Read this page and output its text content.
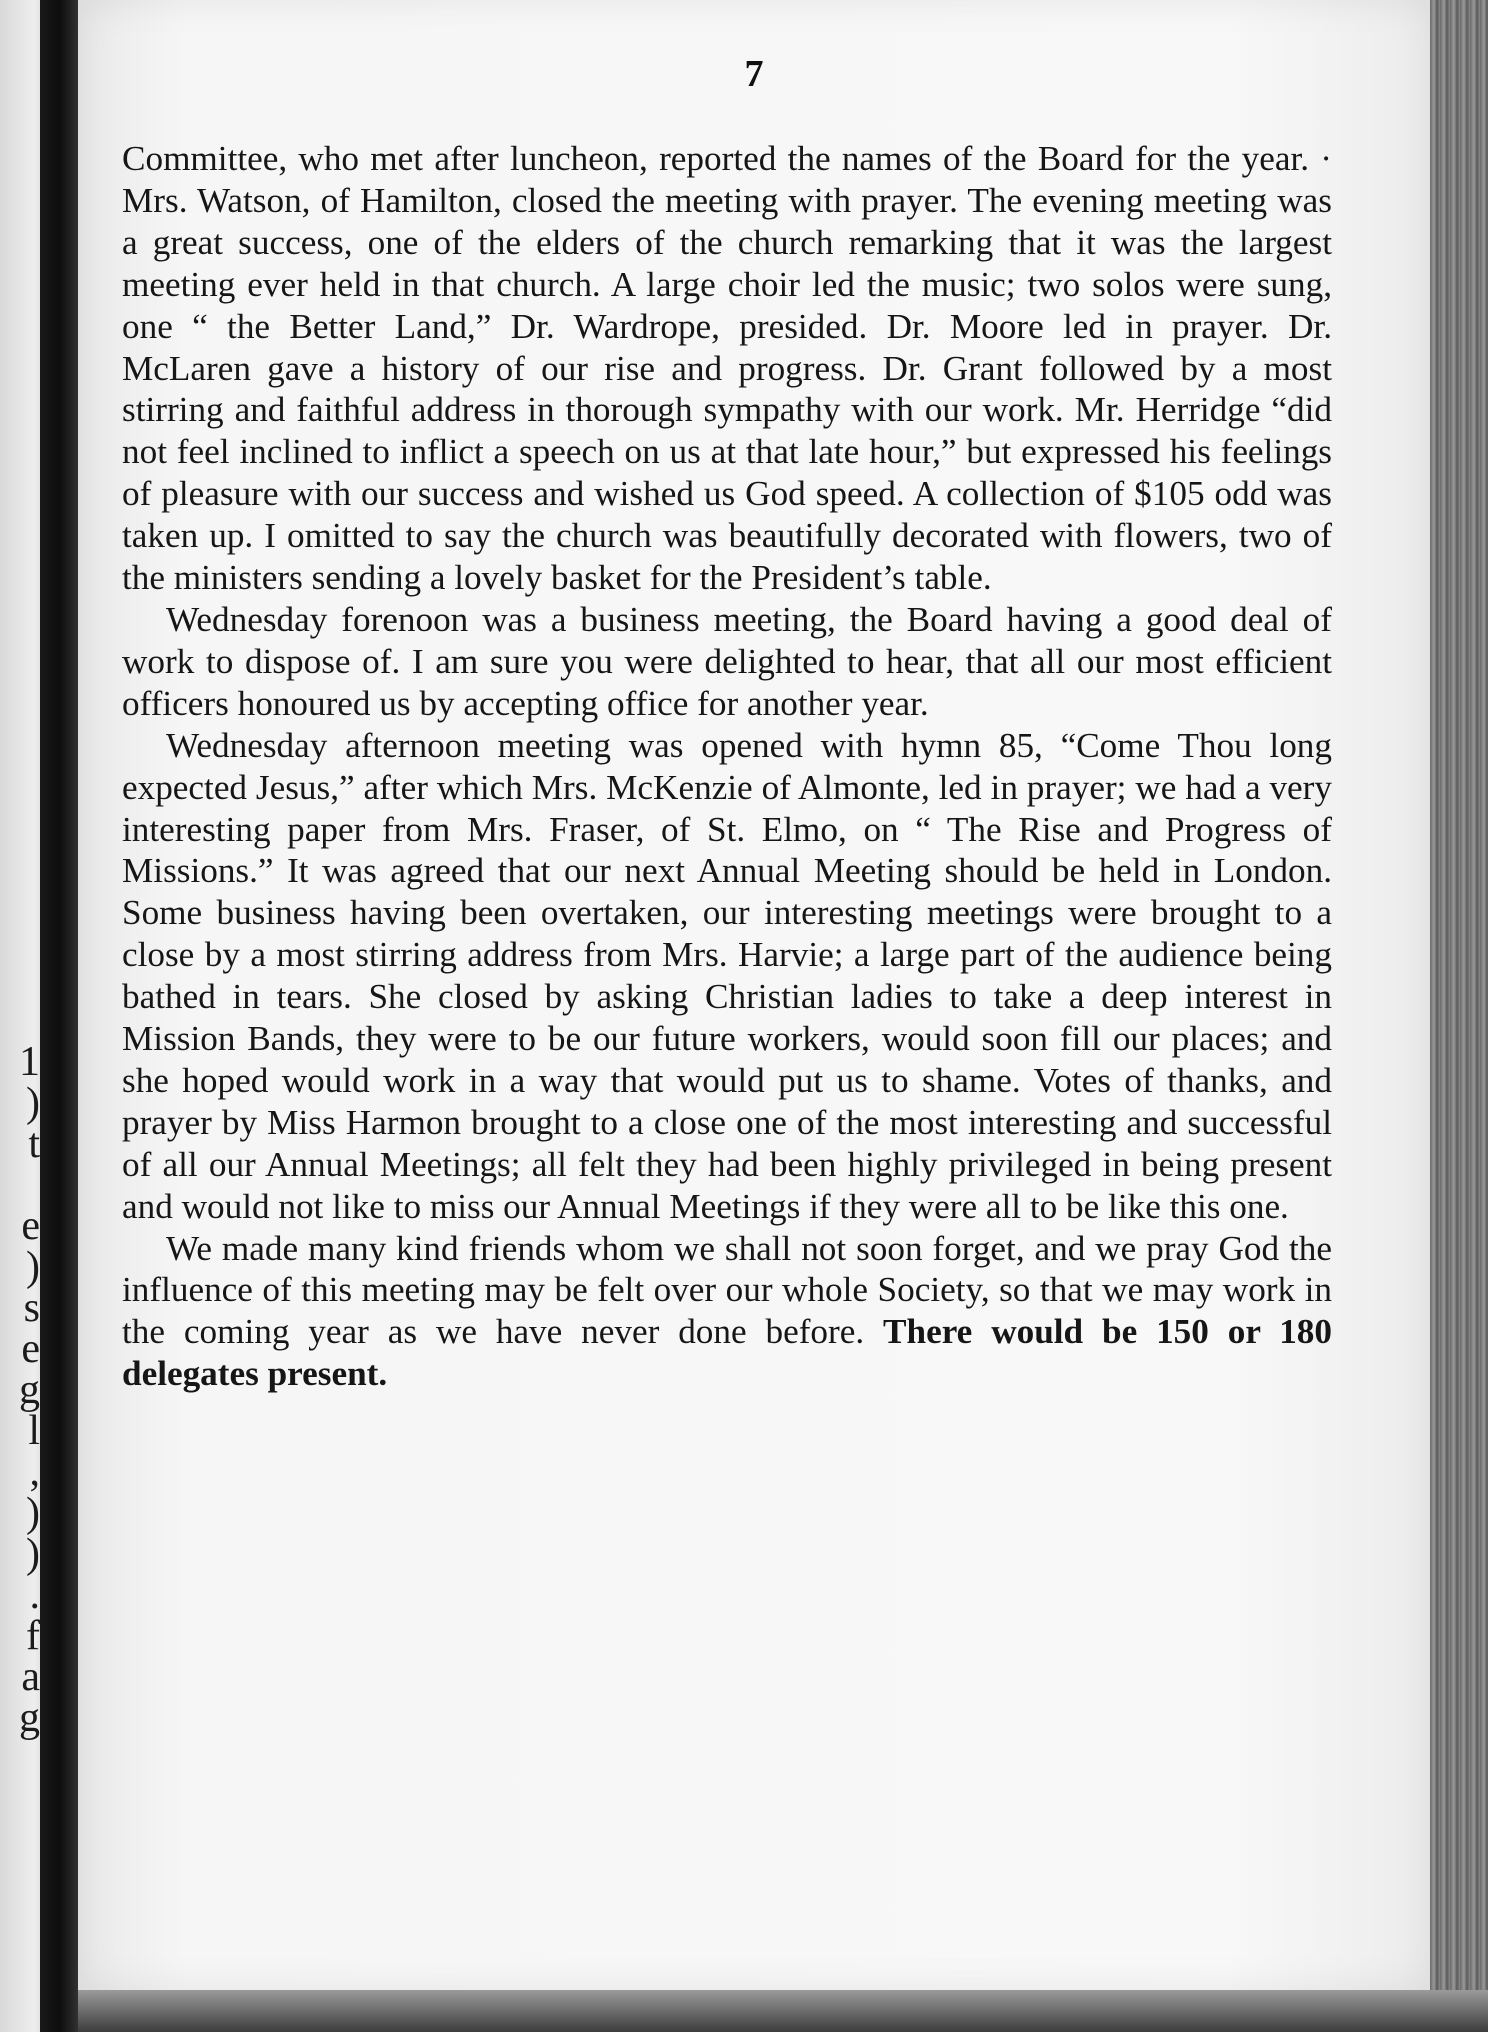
1
)
t

e
)
s
e
g
l
,
)
)
.
f
a
g
7

Committee, who met after luncheon, reported the names of the Board for the year. · Mrs. Watson, of Hamilton, closed the meeting with prayer. The evening meeting was a great success, one of the elders of the church remarking that it was the largest meeting ever held in that church. A large choir led the music; two solos were sung, one “ the Better Land,” Dr. Wardrope, presided. Dr. Moore led in prayer. Dr. McLaren gave a history of our rise and progress. Dr. Grant followed by a most stirring and faithful address in thorough sympathy with our work. Mr. Herridge “did not feel inclined to inflict a speech on us at that late hour,” but expressed his feelings of pleasure with our success and wished us God speed. A collection of $105 odd was taken up. I omitted to say the church was beautifully decorated with flowers, two of the ministers sending a lovely basket for the President’s table.

Wednesday forenoon was a business meeting, the Board having a good deal of work to dispose of. I am sure you were delighted to hear, that all our most efficient officers honoured us by accepting office for another year.

Wednesday afternoon meeting was opened with hymn 85, “Come Thou long expected Jesus,” after which Mrs. McKenzie of Almonte, led in prayer; we had a very interesting paper from Mrs. Fraser, of St. Elmo, on “ The Rise and Progress of Missions.” It was agreed that our next Annual Meeting should be held in London. Some business having been overtaken, our interesting meetings were brought to a close by a most stirring address from Mrs. Harvie; a large part of the audience being bathed in tears. She closed by asking Christian ladies to take a deep interest in Mission Bands, they were to be our future workers, would soon fill our places; and she hoped would work in a way that would put us to shame. Votes of thanks, and prayer by Miss Harmon brought to a close one of the most interesting and successful of all our Annual Meetings; all felt they had been highly privileged in being present and would not like to miss our Annual Meetings if they were all to be like this one.

We made many kind friends whom we shall not soon forget, and we pray God the influence of this meeting may be felt over our whole Society, so that we may work in the coming year as we have never done before. There would be 150 or 180 delegates present.
